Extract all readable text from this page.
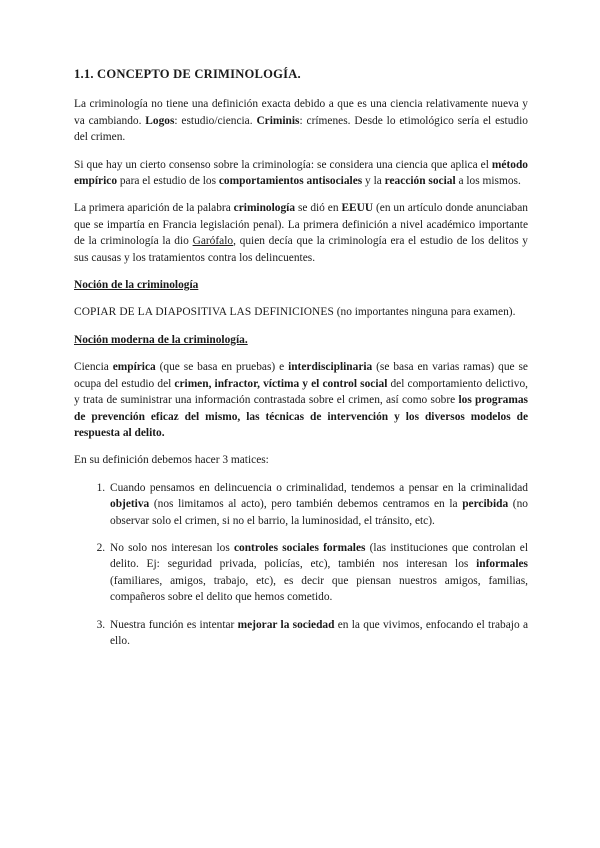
1.1. CONCEPTO DE CRIMINOLOGÍA.

La criminología no tiene una definición exacta debido a que es una ciencia relativamente nueva y va cambiando. Logos: estudio/ciencia. Criminis: crímenes. Desde lo etimológico sería el estudio del crimen.

Si que hay un cierto consenso sobre la criminología: se considera una ciencia que aplica el método empírico para el estudio de los comportamientos antisociales y la reacción social a los mismos.

La primera aparición de la palabra criminología se dió en EEUU (en un artículo donde anunciaban que se impartía en Francia legislación penal). La primera definición a nivel académico importante de la criminología la dio Garófalo, quien decía que la criminología era el estudio de los delitos y sus causas y los tratamientos contra los delincuentes.

Noción de la criminología

COPIAR DE LA DIAPOSITIVA LAS DEFINICIONES (no importantes ninguna para examen).

Noción moderna de la criminología.

Ciencia empírica (que se basa en pruebas) e interdisciplinaria (se basa en varias ramas) que se ocupa del estudio del crimen, infractor, víctima y el control social del comportamiento delictivo, y trata de suministrar una información contrastada sobre el crimen, así como sobre los programas de prevención eficaz del mismo, las técnicas de intervención y los diversos modelos de respuesta al delito.

En su definición debemos hacer 3 matices:

1. Cuando pensamos en delincuencia o criminalidad, tendemos a pensar en la criminalidad objetiva (nos limitamos al acto), pero también debemos centramos en la percibida (no observar solo el crimen, si no el barrio, la luminosidad, el tránsito, etc).
2. No solo nos interesan los controles sociales formales (las instituciones que controlan el delito. Ej: seguridad privada, policías, etc), también nos interesan los informales (familiares, amigos, trabajo, etc), es decir que piensan nuestros amigos, familias, compañeros sobre el delito que hemos cometido.
3. Nuestra función es intentar mejorar la sociedad en la que vivimos, enfocando el trabajo a ello.
